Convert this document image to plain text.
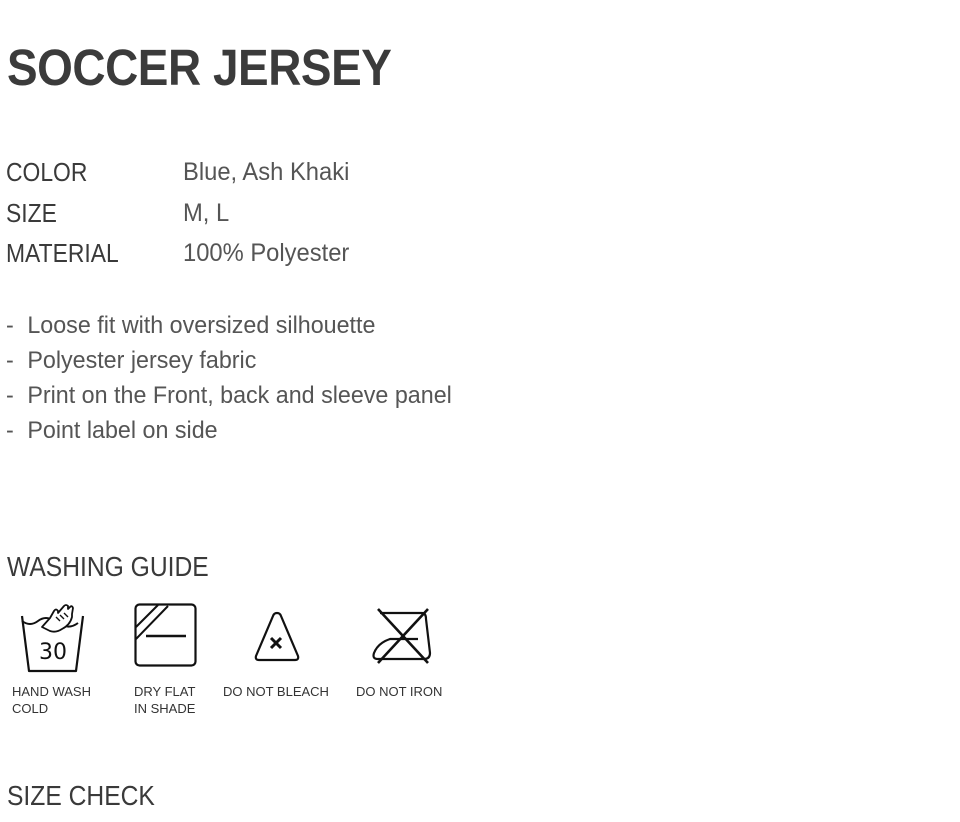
SOCCER JERSEY
COLOR	Blue, Ash Khaki
SIZE	M, L
MATERIAL	100% Polyester
- Loose fit with oversized silhouette
- Polyester jersey fabric
- Print on the Front, back and sleeve panel
- Point label on side
WASHING GUIDE
30
HAND WASH
COLD
DRY FLAT
IN SHADE
DO NOT BLEACH DO NOT IRON
SIZE CHECK
